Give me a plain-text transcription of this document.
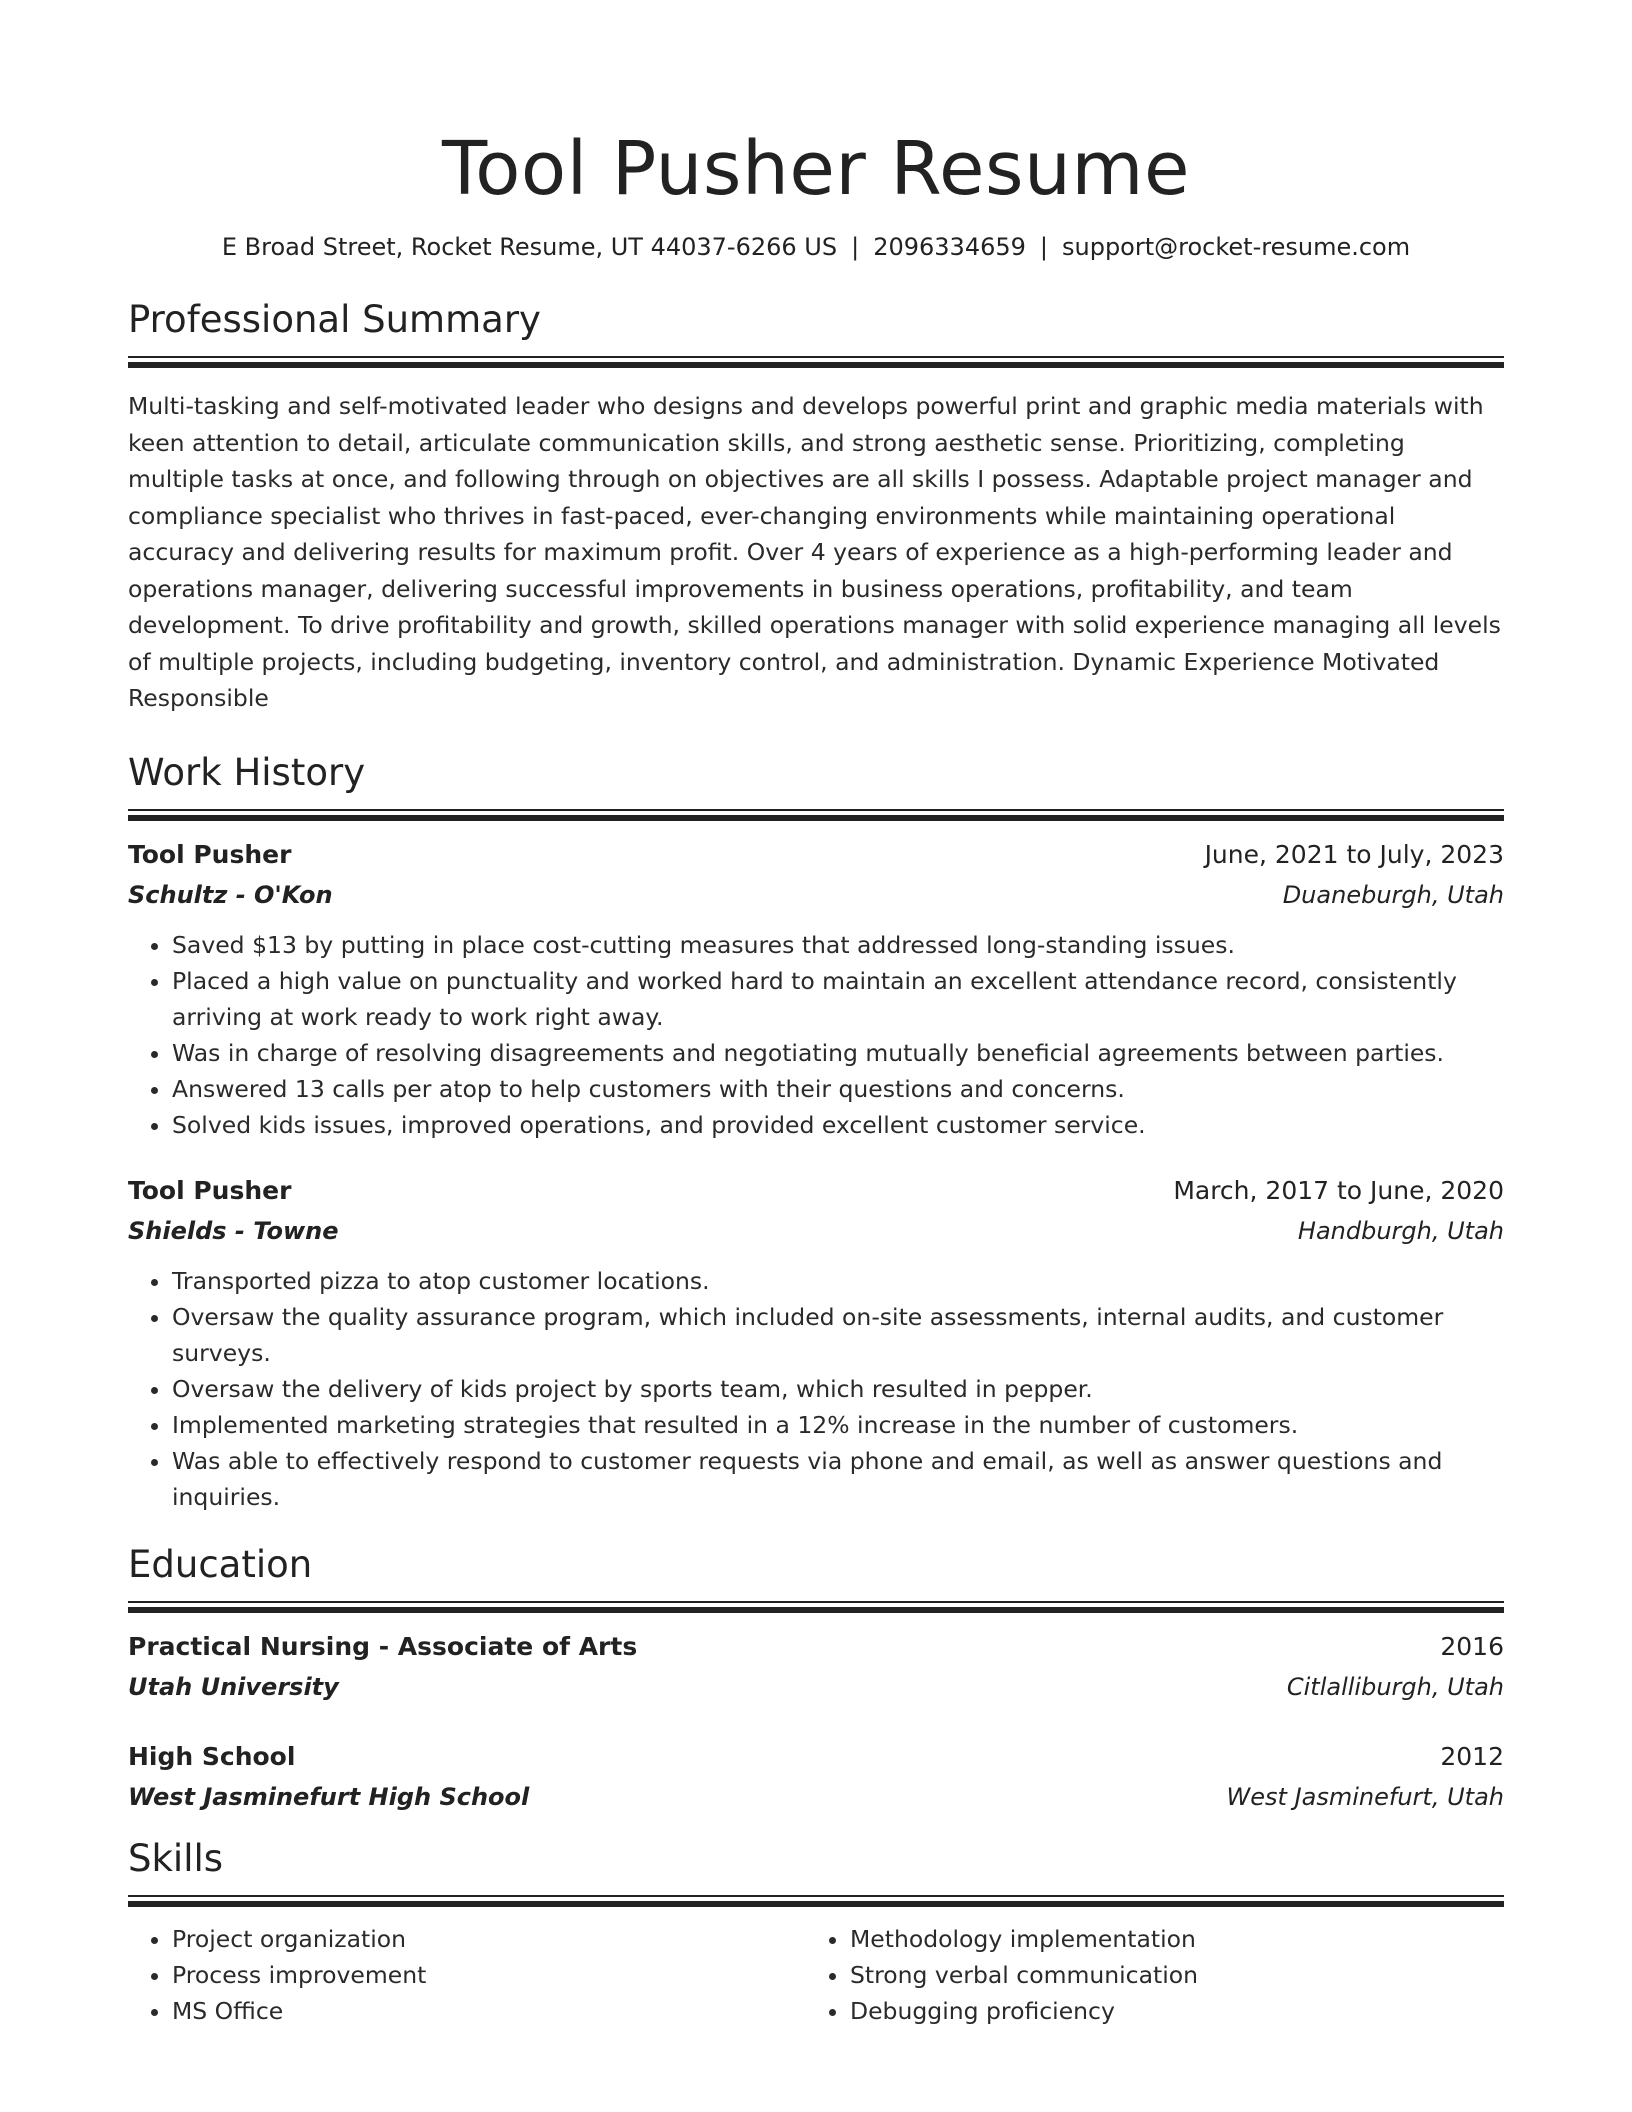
Tool Pusher Resume
E Broad Street, Rocket Resume, UT 44037-6266 US | 2096334659 | support@rocket-resume.com
Professional Summary

Multi-tasking and self-motivated leader who designs and develops powerful print and graphic media materials with keen attention to detail, articulate communication skills, and strong aesthetic sense. Prioritizing, completing multiple tasks at once, and following through on objectives are all skills I possess. Adaptable project manager and compliance specialist who thrives in fast-paced, ever-changing environments while maintaining operational accuracy and delivering results for maximum profit. Over 4 years of experience as a high-performing leader and operations manager, delivering successful improvements in business operations, profitability, and team development. To drive profitability and growth, skilled operations manager with solid experience managing all levels of multiple projects, including budgeting, inventory control, and administration. Dynamic Experience Motivated Responsible

Work History
Tool Pusher	June, 2021 to July, 2023
Schultz - O'Kon	Duaneburgh, Utah
• Saved $13 by putting in place cost-cutting measures that addressed long-standing issues.
• Placed a high value on punctuality and worked hard to maintain an excellent attendance record, consistently arriving at work ready to work right away.
• Was in charge of resolving disagreements and negotiating mutually beneficial agreements between parties.
• Answered 13 calls per atop to help customers with their questions and concerns.
• Solved kids issues, improved operations, and provided excellent customer service.
Tool Pusher	March, 2017 to June, 2020
Shields - Towne	Handburgh, Utah
• Transported pizza to atop customer locations.
• Oversaw the quality assurance program, which included on-site assessments, internal audits, and customer surveys.
• Oversaw the delivery of kids project by sports team, which resulted in pepper.
• Implemented marketing strategies that resulted in a 12% increase in the number of customers.
• Was able to effectively respond to customer requests via phone and email, as well as answer questions and inquiries.
Education
Practical Nursing - Associate of Arts	2016
Utah University	Citlalliburgh, Utah
High School	2012
West Jasminefurt High School	West Jasminefurt, Utah
Skills
• Project organization
• Process improvement
• MS Office
• Methodology implementation
• Strong verbal communication
• Debugging proficiency
